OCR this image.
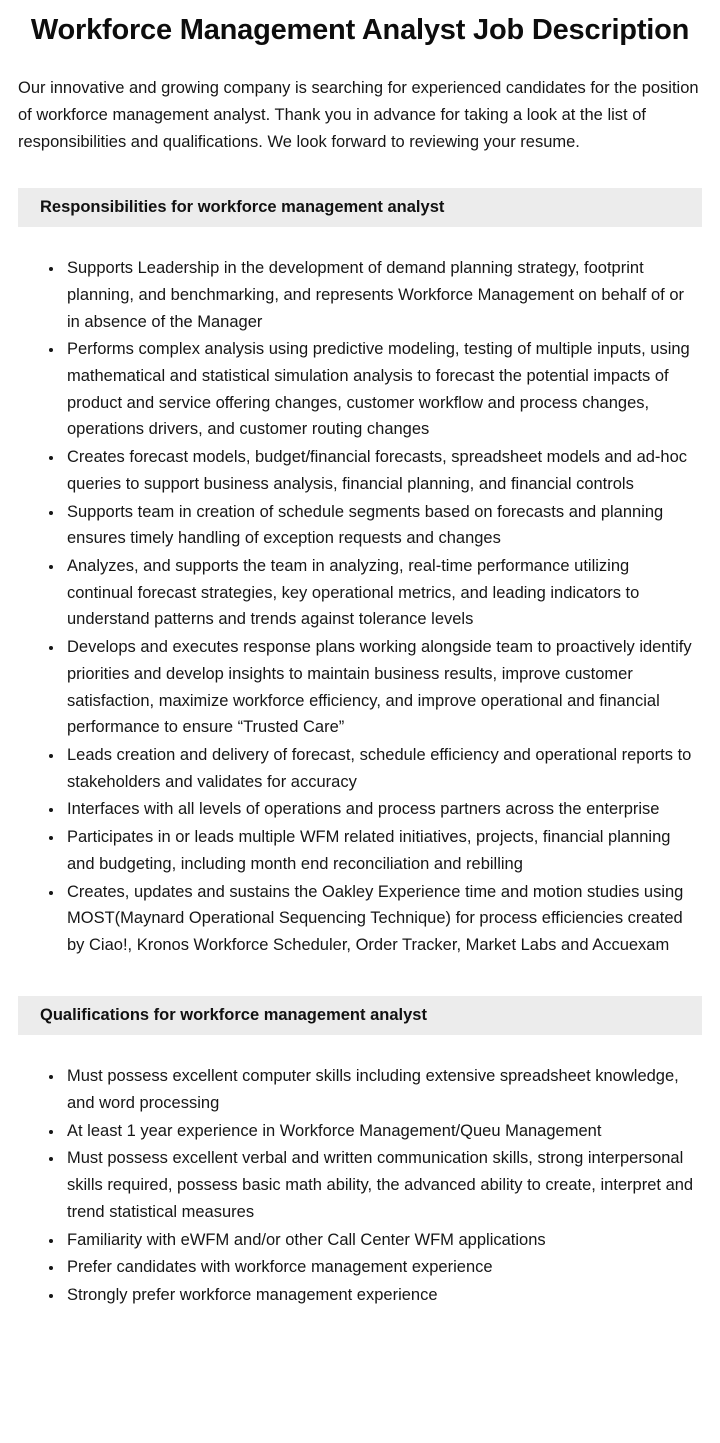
Workforce Management Analyst Job Description

Our innovative and growing company is searching for experienced candidates for the position of workforce management analyst. Thank you in advance for taking a look at the list of responsibilities and qualifications. We look forward to reviewing your resume.

Responsibilities for workforce management analyst
• Supports Leadership in the development of demand planning strategy, footprint planning, and benchmarking, and represents Workforce Management on behalf of or in absence of the Manager
• Performs complex analysis using predictive modeling, testing of multiple inputs, using mathematical and statistical simulation analysis to forecast the potential impacts of product and service offering changes, customer workflow and process changes, operations drivers, and customer routing changes
• Creates forecast models, budget/financial forecasts, spreadsheet models and ad-hoc queries to support business analysis, financial planning, and financial controls
• Supports team in creation of schedule segments based on forecasts and planning ensures timely handling of exception requests and changes
• Analyzes, and supports the team in analyzing, real-time performance utilizing continual forecast strategies, key operational metrics, and leading indicators to understand patterns and trends against tolerance levels
• Develops and executes response plans working alongside team to proactively identify priorities and develop insights to maintain business results, improve customer satisfaction, maximize workforce efficiency, and improve operational and financial performance to ensure “Trusted Care”
• Leads creation and delivery of forecast, schedule efficiency and operational reports to stakeholders and validates for accuracy
• Interfaces with all levels of operations and process partners across the enterprise
• Participates in or leads multiple WFM related initiatives, projects, financial planning and budgeting, including month end reconciliation and rebilling
• Creates, updates and sustains the Oakley Experience time and motion studies using MOST(Maynard Operational Sequencing Technique) for process efficiencies created by Ciao!, Kronos Workforce Scheduler, Order Tracker, Market Labs and Accuexam
Qualifications for workforce management analyst
• Must possess excellent computer skills including extensive spreadsheet knowledge, and word processing
• At least 1 year experience in Workforce Management/Queu Management
• Must possess excellent verbal and written communication skills, strong interpersonal skills required, possess basic math ability, the advanced ability to create, interpret and trend statistical measures
• Familiarity with eWFM and/or other Call Center WFM applications
• Prefer candidates with workforce management experience
• Strongly prefer workforce management experience
